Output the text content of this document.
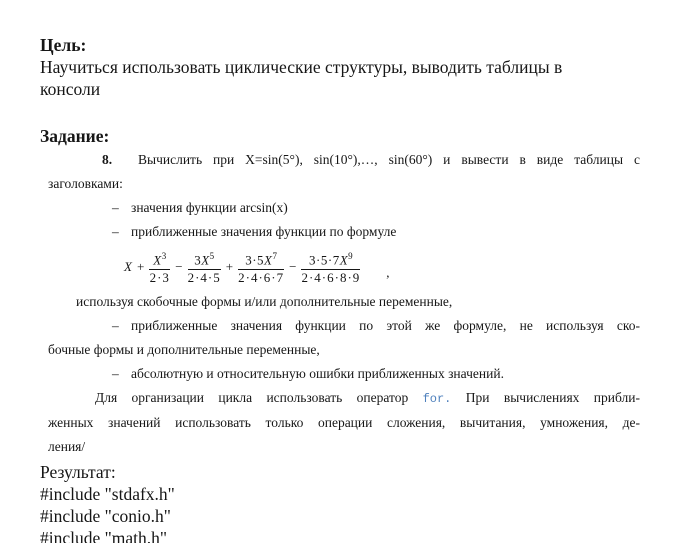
Цель:
Научиться использовать циклические структуры, выводить таблицы в
консоли
Задание:
8. Вычислить при X=sin(5°), sin(10°),…, sin(60°) и вывести в виде таблицы с
заголовками:
– значения функции arcsin(x)
– приближенные значения функции по формуле
$X + \frac{X^3}{2\cdot 3} - \frac{3X^5}{2\cdot 4\cdot 5} + \frac{3\cdot 5X^7}{2\cdot 4\cdot 6\cdot 7} - \frac{3\cdot 5\cdot 7X^9}{2\cdot 4\cdot 6\cdot 8\cdot 9}$ ,
используя скобочные формы и/или дополнительные переменные,
– приближенные значения функции по этой же формуле, не используя ско-
бочные формы и дополнительные переменные,
– абсолютную и относительную ошибки приближенных значений.
Для организации цикла использовать оператор for. При вычислениях прибли-
женных значений использовать только операции сложения, вычитания, умножения, де-
ления/
Результат:
#include "stdafx.h"
#include "conio.h"
#include "math.h"
